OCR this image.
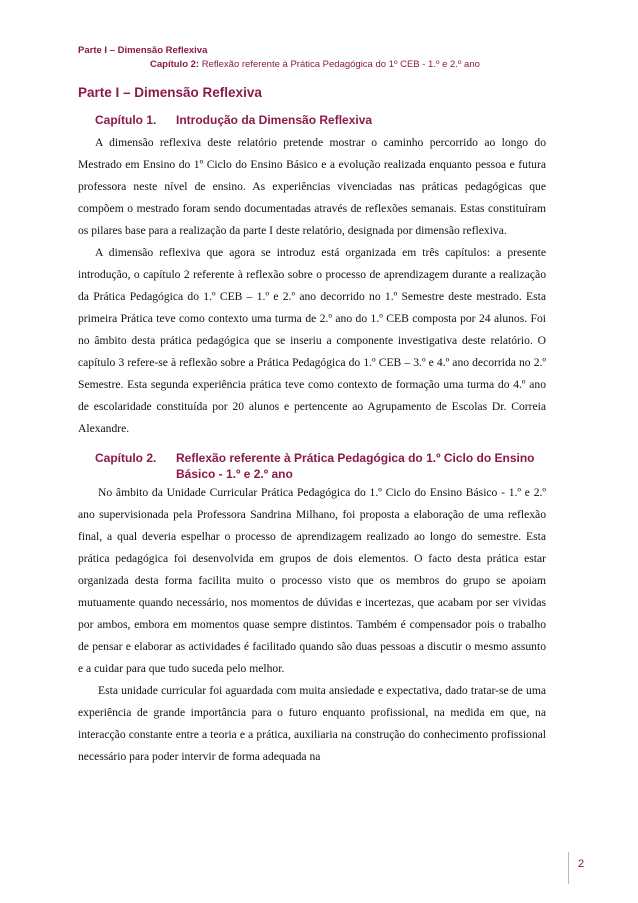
Parte I – Dimensão Reflexiva
Capítulo 2: Reflexão referente à Prática Pedagógica do 1º CEB - 1.º e 2.º ano
Parte I – Dimensão Reflexiva
Capítulo 1. Introdução da Dimensão Reflexiva

A dimensão reflexiva deste relatório pretende mostrar o caminho percorrido ao longo do Mestrado em Ensino do 1º Ciclo do Ensino Básico e a evolução realizada enquanto pessoa e futura professora neste nível de ensino. As experiências vivenciadas nas práticas pedagógicas que compõem o mestrado foram sendo documentadas através de reflexões semanais. Estas constituíram os pilares base para a realização da parte I deste relatório, designada por dimensão reflexiva.

A dimensão reflexiva que agora se introduz está organizada em três capítulos: a presente introdução, o capítulo 2 referente à reflexão sobre o processo de aprendizagem durante a realização da Prática Pedagógica do 1.º CEB – 1.º e 2.º ano decorrido no 1.º Semestre deste mestrado. Esta primeira Prática teve como contexto uma turma de 2.º ano do 1.º CEB composta por 24 alunos. Foi no âmbito desta prática pedagógica que se inseriu a componente investigativa deste relatório. O capítulo 3 refere-se à reflexão sobre a Prática Pedagógica do 1.º CEB – 3.º e 4.º ano decorrida no 2.º Semestre. Esta segunda experiência prática teve como contexto de formação uma turma do 4.º ano de escolaridade constituída por 20 alunos e pertencente ao Agrupamento de Escolas Dr. Correia Alexandre.

Capítulo 2. Reflexão referente à Prática Pedagógica do 1.º Ciclo do Ensino Básico - 1.º e 2.º ano

No âmbito da Unidade Curricular Prática Pedagógica do 1.º Ciclo do Ensino Básico - 1.º e 2.º ano supervisionada pela Professora Sandrina Milhano, foi proposta a elaboração de uma reflexão final, a qual deveria espelhar o processo de aprendizagem realizado ao longo do semestre. Esta prática pedagógica foi desenvolvida em grupos de dois elementos. O facto desta prática estar organizada desta forma facilita muito o processo visto que os membros do grupo se apoiam mutuamente quando necessário, nos momentos de dúvidas e incertezas, que acabam por ser vividas por ambos, embora em momentos quase sempre distintos. Também é compensador pois o trabalho de pensar e elaborar as actividades é facilitado quando são duas pessoas a discutir o mesmo assunto e a cuidar para que tudo suceda pelo melhor.

Esta unidade curricular foi aguardada com muita ansiedade e expectativa, dado tratar-se de uma experiência de grande importância para o futuro enquanto profissional, na medida em que, na interacção constante entre a teoria e a prática, auxiliaria na construção do conhecimento profissional necessário para poder intervir de forma adequada na

2
